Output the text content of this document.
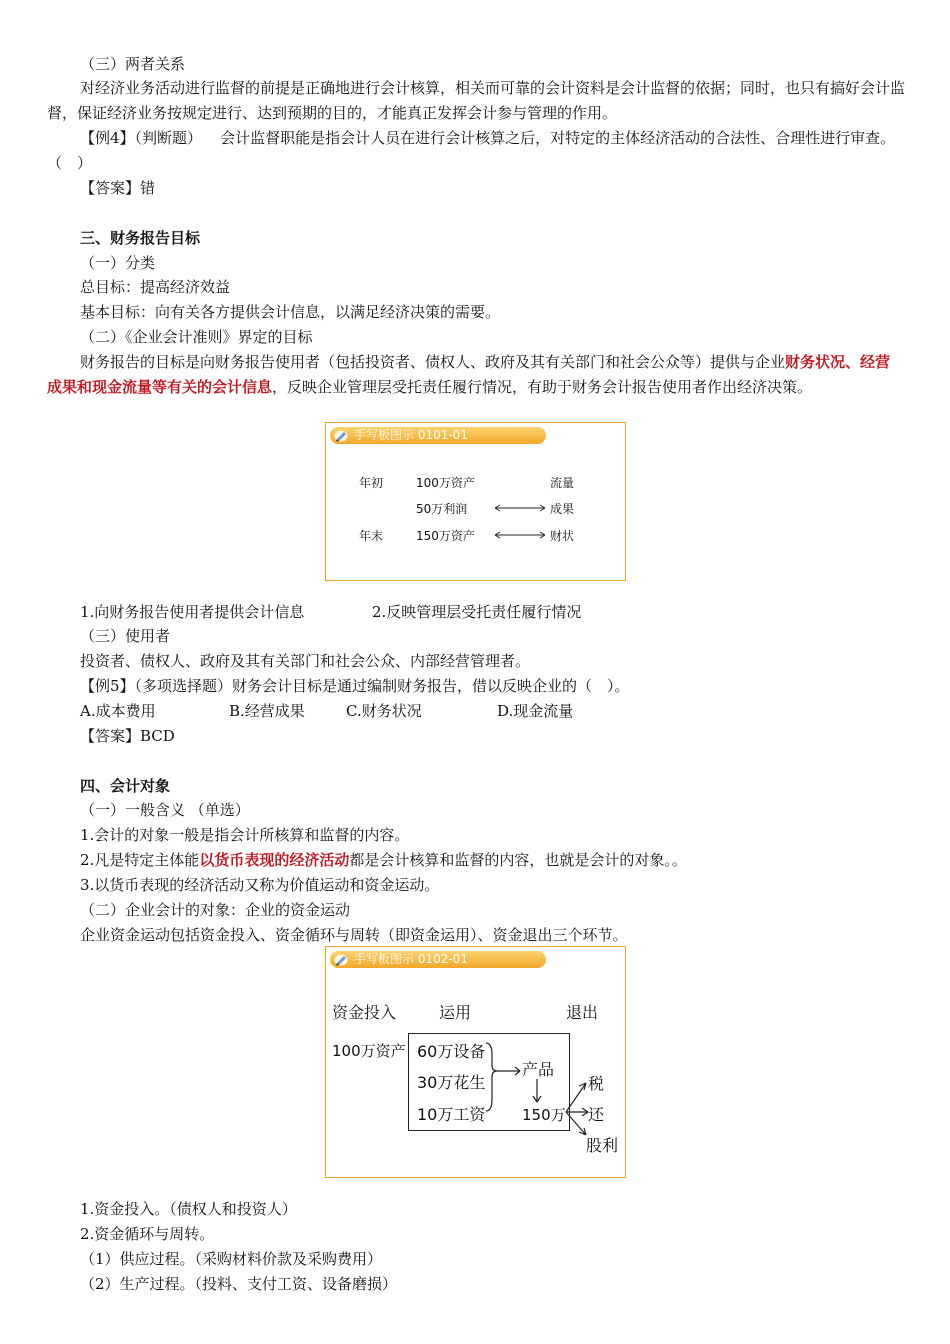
（三）两者关系
对经济业务活动进行监督的前提是正确地进行会计核算，相关而可靠的会计资料是会计监督的依据；同时，也只有搞好会计监督，保证经济业务按规定进行、达到预期的目的，才能真正发挥会计参与管理的作用。
【例4】（判断题） 会计监督职能是指会计人员在进行会计核算之后，对特定的主体经济活动的合法性、合理性进行审查。（　）
【答案】错
三、财务报告目标
（一）分类
总目标：提高经济效益
基本目标：向有关各方提供会计信息，以满足经济决策的需要。
（二）《企业会计准则》界定的目标
财务报告的目标是向财务报告使用者（包括投资者、债权人、政府及其有关部门和社会公众等）提供与企业财务状况、经营成果和现金流量等有关的会计信息，反映企业管理层受托责任履行情况，有助于财务会计报告使用者作出经济决策。
手写板图示 0101-01
年初	100万资产	流量
50万利润	成果
年末	150万资产	财状
1.向财务报告使用者提供会计信息	2.反映管理层受托责任履行情况
（三）使用者
投资者、债权人、政府及其有关部门和社会公众、内部经营管理者。
【例5】（多项选择题）财务会计目标是通过编制财务报告，借以反映企业的（　）。
A.成本费用	B.经营成果	C.财务状况	D.现金流量
【答案】BCD
四、会计对象
（一）一般含义 （单选）
1.会计的对象一般是指会计所核算和监督的内容。
2.凡是特定主体能以货币表现的经济活动都是会计核算和监督的内容，也就是会计的对象。。
3.以货币表现的经济活动又称为价值运动和资金运动。
（二）企业会计的对象：企业的资金运动
企业资金运动包括资金投入、资金循环与周转（即资金运用）、资金退出三个环节。
手写板图示 0102-01
资金投入	运用	退出
100万资产 60万设备
30万花生
10万工资
产品
150万
税
还
股利
1.资金投入。（债权人和投资人）
2.资金循环与周转。
（1）供应过程。（采购材料价款及采购费用）
（2）生产过程。（投料、支付工资、设备磨损）
